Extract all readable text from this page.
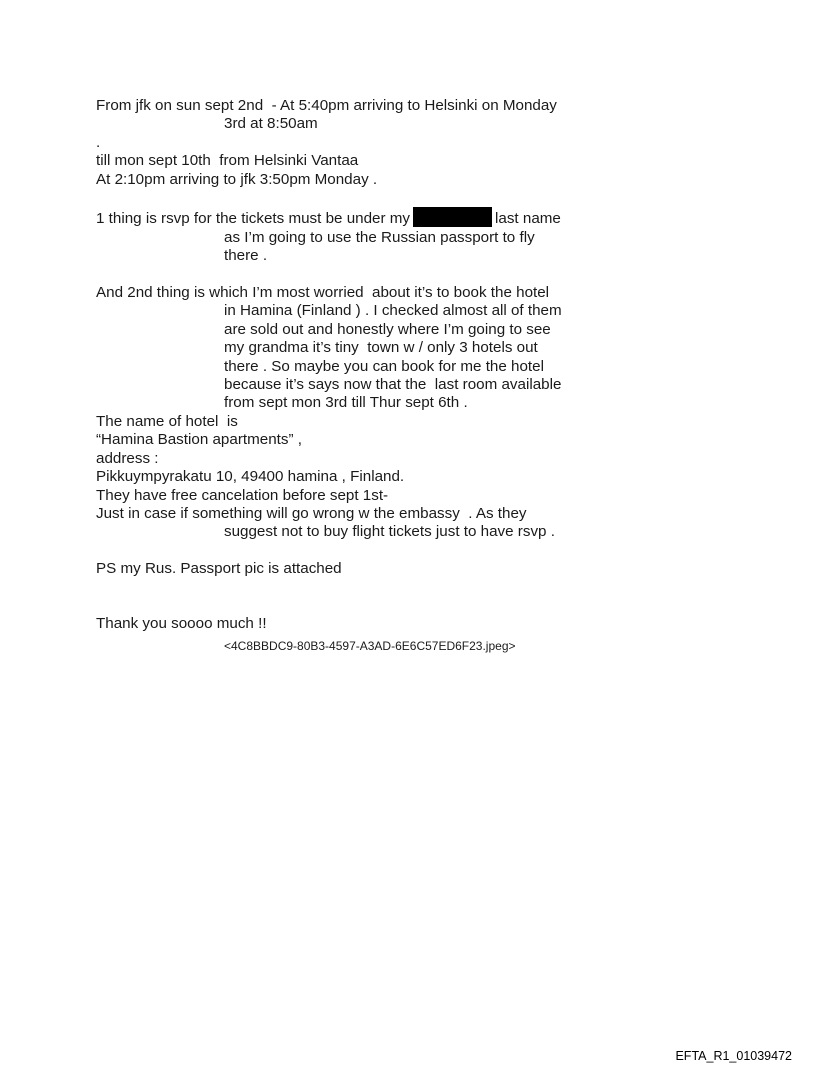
From jfk on sun sept 2nd  - At 5:40pm arriving to Helsinki on Monday
3rd at 8:50am
.
till mon sept 10th  from Helsinki Vantaa
At 2:10pm arriving to jfk 3:50pm Monday .
1 thing is rsvp for the tickets must be under my	last name
as I’m going to use the Russian passport to fly
there .
And 2nd thing is which I’m most worried  about it’s to book the hotel
in Hamina (Finland ) . I checked almost all of them
are sold out and honestly where I’m going to see
my grandma it’s tiny  town w / only 3 hotels out
there . So maybe you can book for me the hotel
because it’s says now that the  last room available
from sept mon 3rd till Thur sept 6th .
The name of hotel  is
“Hamina Bastion apartments” ,
address :
Pikkuympyrakatu 10, 49400 hamina , Finland.
They have free cancelation before sept 1st-
Just in case if something will go wrong w the embassy  . As they
suggest not to buy flight tickets just to have rsvp .
PS my Rus. Passport pic is attached
Thank you soooo much !!
<4C8BBDC9-80B3-4597-A3AD-6E6C57ED6F23.jpeg>
EFTA_R1_01039472
